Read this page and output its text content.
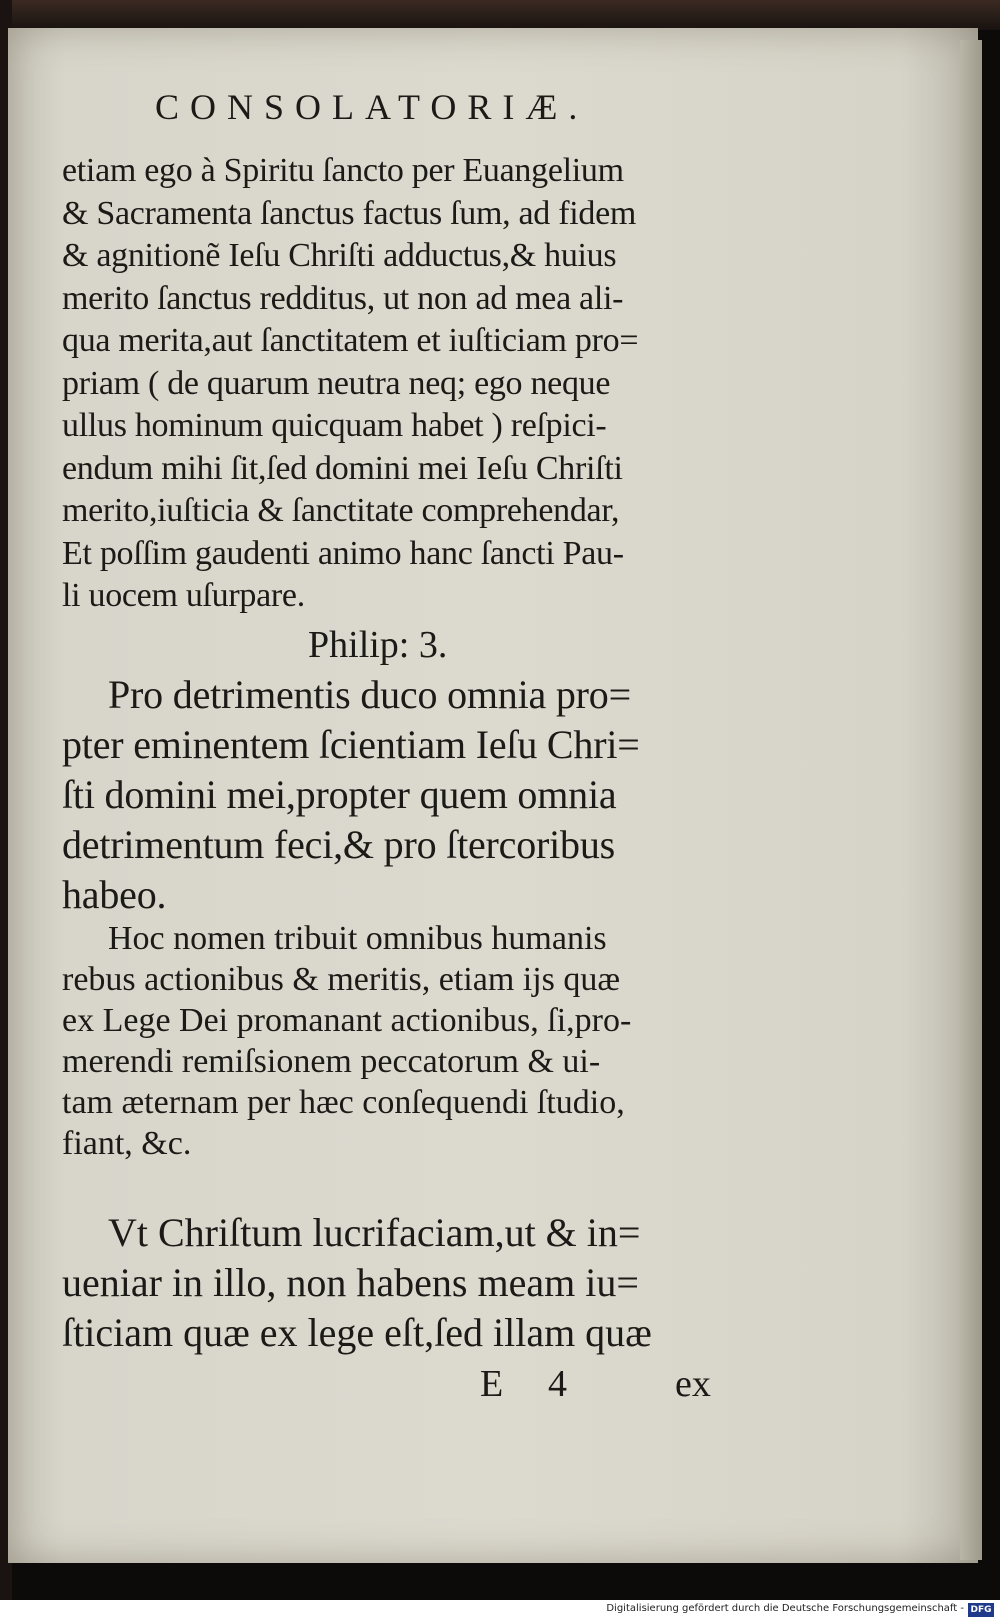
CONSOLATORIÆ.
etiam ego à Spiritu ſancto per Euangelium
& Sacramenta ſanctus factus ſum, ad fidem
& agnitionẽ Ieſu Chriſti adductus,& huius
merito ſanctus redditus, ut non ad mea ali-
qua merita,aut ſanctitatem et iuſticiam pro=
priam ( de quarum neutra neq; ego neque
ullus hominum quicquam habet ) reſpici-
endum mihi ſit,ſed domini mei Ieſu Chriſti
merito,iuſticia & ſanctitate comprehendar,
Et poſſim gaudenti animo hanc ſancti Pau-
li uocem uſurpare.
Philip: 3.
Pro detrimentis duco omnia pro=
pter eminentem ſcientiam Ieſu Chri=
ſti domini mei,propter quem omnia
detrimentum feci,& pro ſtercoribus
habeo.
Hoc nomen tribuit omnibus humanis
rebus actionibus & meritis, etiam ijs quæ
ex Lege Dei promanant actionibus, ſi,pro-
merendi remiſsionem peccatorum & ui-
tam æternam per hæc conſequendi ſtudio,
fiant, &c.
Vt Chriſtum lucrifaciam,ut & in=
ueniar in illo, non habens meam iu=
ſticiam quæ ex lege eſt,ſed illam quæ
E 4	ex
Digitalisierung gefördert durch die Deutsche Forschungsgemeinschaft - DFG
